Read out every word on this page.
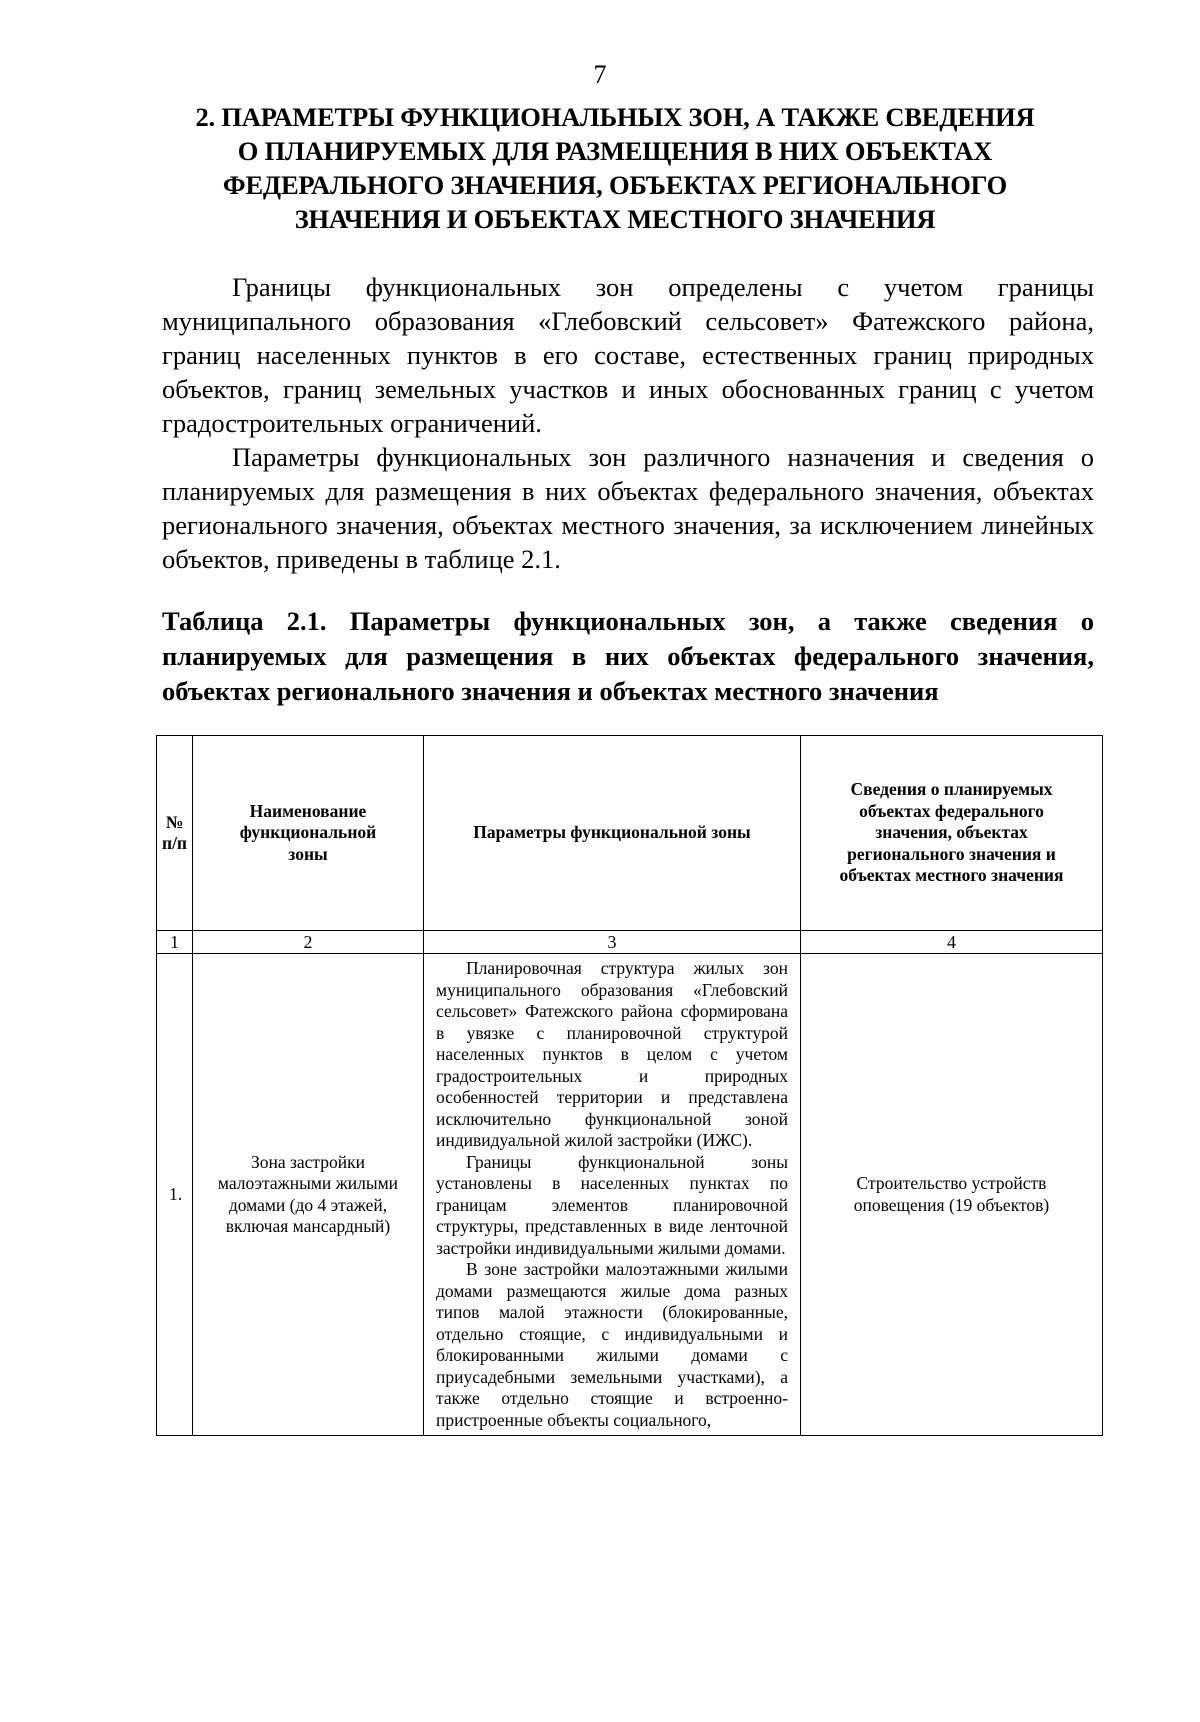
7
2. ПАРАМЕТРЫ ФУНКЦИОНАЛЬНЫХ ЗОН, А ТАКЖЕ СВЕДЕНИЯ
О ПЛАНИРУЕМЫХ ДЛЯ РАЗМЕЩЕНИЯ В НИХ ОБЪЕКТАХ
ФЕДЕРАЛЬНОГО ЗНАЧЕНИЯ, ОБЪЕКТАХ РЕГИОНАЛЬНОГО
ЗНАЧЕНИЯ И ОБЪЕКТАХ МЕСТНОГО ЗНАЧЕНИЯ

Границы функциональных зон определены с учетом границы муниципального образования «Глебовский сельсовет» Фатежского района, границ населенных пунктов в его составе, естественных границ природных объектов, границ земельных участков и иных обоснованных границ с учетом градостроительных ограничений.

Параметры функциональных зон различного назначения и сведения о планируемых для размещения в них объектах федерального значения, объектах регионального значения, объектах местного значения, за исключением линейных объектов, приведены в таблице 2.1.

Таблица 2.1. Параметры функциональных зон, а также сведения о планируемых для размещения в них объектах федерального значения, объектах регионального значения и объектах местного значения
№ п/п	Наименование функциональной зоны	Параметры функциональной зоны	Сведения о планируемых объектах федерального значения, объектах регионального значения и объектах местного значения
1	2	3	4
1.	Зона застройки малоэтажными жилыми домами (до 4 этажей, включая мансардный)	Планировочная структура жилых зон муниципального образования «Глебовский сельсовет» Фатежского района сформирована в увязке с планировочной структурой населенных пунктов в целом с учетом градостроительных и природных особенностей территории и представлена исключительно функциональной зоной индивидуальной жилой застройки (ИЖС).

Границы функциональной зоны установлены в населенных пунктах по границам элементов планировочной структуры, представленных в виде ленточной застройки индивидуальными жилыми домами.

В зоне застройки малоэтажными жилыми домами размещаются жилые дома разных типов малой этажности (блокированные, отдельно стоящие, с индивидуальными и блокированными жилыми домами с приусадебными земельными участками), а также отдельно стоящие и встроенно-пристроенные объекты социального,	Строительство устройств оповещения (19 объектов)
